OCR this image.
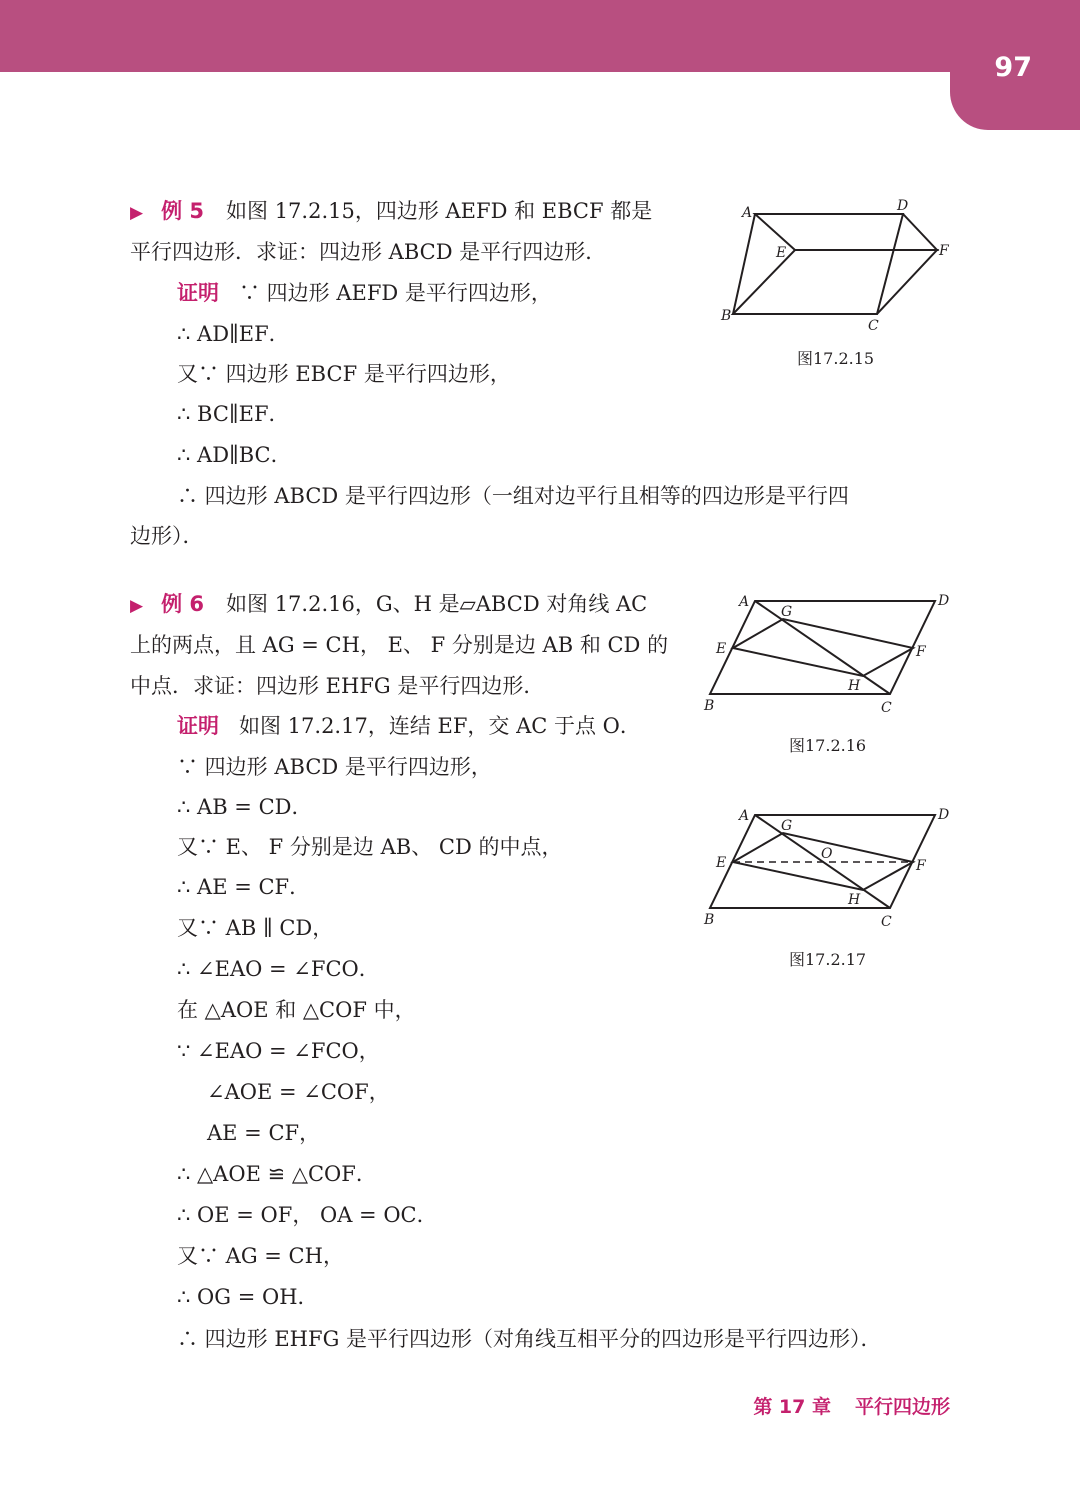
97
▶ 例 5 如图 17.2.15，四边形 AEFD 和 EBCF 都是
平行四边形．求证：四边形 ABCD 是平行四边形．
证明 ∵ 四边形 AEFD 是平行四边形，
∴ AD∥EF．
又∵ 四边形 EBCF 是平行四边形，
∴ BC∥EF．
∴ AD∥BC．
∴ 四边形 ABCD 是平行四边形（一组对边平行且相等的四边形是平行四
边形）．
A	D
E	F
B
C
图17.2.15
▶ 例 6 如图 17.2.16，G、H 是▱ABCD 对角线 AC
上的两点，且 AG = CH， E、 F 分别是边 AB 和 CD 的
中点．求证：四边形 EHFG 是平行四边形．
证明 如图 17.2.17，连结 EF，交 AC 于点 O．
∵ 四边形 ABCD 是平行四边形，
∴ AB = CD．
又∵ E、 F 分别是边 AB、 CD 的中点，
∴ AE = CF．
又∵ AB ∥ CD，
∴ ∠EAO = ∠FCO．
在 △AOE 和 △COF 中，
∵ ∠EAO = ∠FCO，
∠AOE = ∠COF，
AE = CF，
∴ △AOE ≌ △COF．
∴ OE = OF， OA = OC．
又∵ AG = CH，
∴ OG = OH．
∴ 四边形 EHFG 是平行四边形（对角线互相平分的四边形是平行四边形）．
A
G
D
E	F
H
B	C
图17.2.16
A
G
D
E
O
F
H
B	C
图17.2.17
第 17 章 平行四边形
